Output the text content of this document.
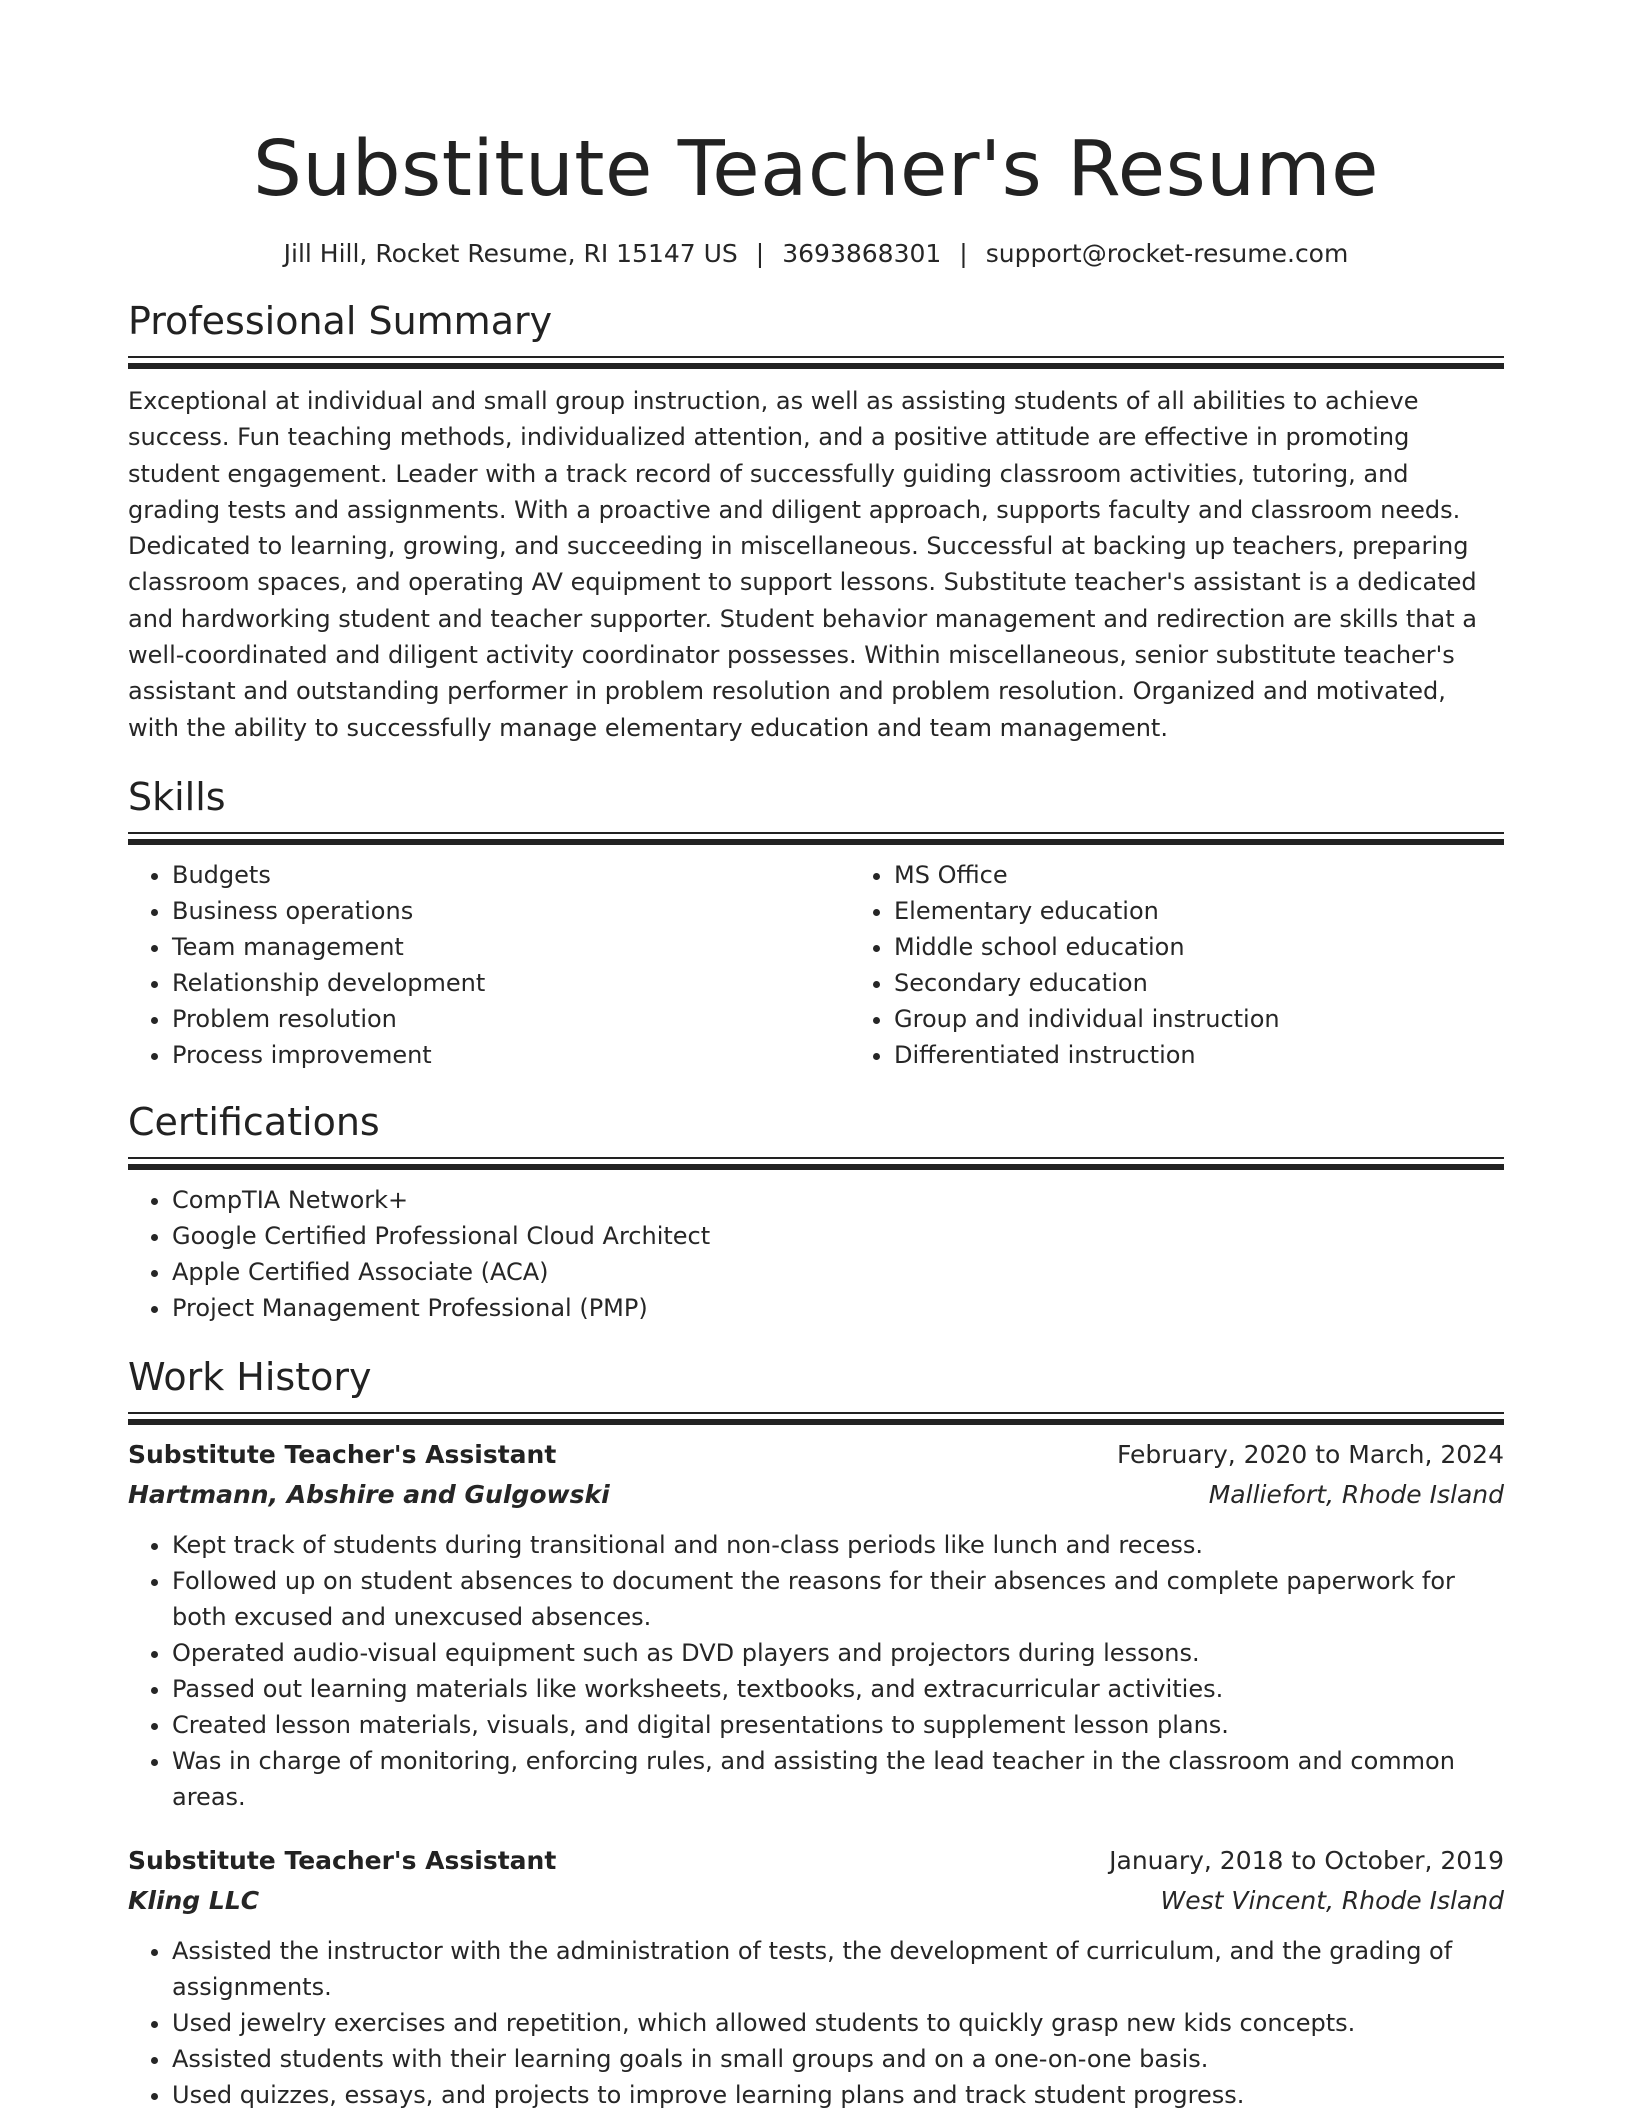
Substitute Teacher's Resume
Jill Hill, Rocket Resume, RI 15147 US | 3693868301 | support@rocket-resume.com
Professional Summary

Exceptional at individual and small group instruction, as well as assisting students of all abilities to achieve success. Fun teaching methods, individualized attention, and a positive attitude are effective in promoting student engagement. Leader with a track record of successfully guiding classroom activities, tutoring, and grading tests and assignments. With a proactive and diligent approach, supports faculty and classroom needs. Dedicated to learning, growing, and succeeding in miscellaneous. Successful at backing up teachers, preparing classroom spaces, and operating AV equipment to support lessons. Substitute teacher's assistant is a dedicated and hardworking student and teacher supporter. Student behavior management and redirection are skills that a well-coordinated and diligent activity coordinator possesses. Within miscellaneous, senior substitute teacher's assistant and outstanding performer in problem resolution and problem resolution. Organized and motivated, with the ability to successfully manage elementary education and team management.

Skills
• Budgets
• Business operations
• Team management
• Relationship development
• Problem resolution
• Process improvement
• MS Office
• Elementary education
• Middle school education
• Secondary education
• Group and individual instruction
• Differentiated instruction
Certifications
• CompTIA Network+
• Google Certified Professional Cloud Architect
• Apple Certified Associate (ACA)
• Project Management Professional (PMP)
Work History
Substitute Teacher's Assistant	February, 2020 to March, 2024
Hartmann, Abshire and Gulgowski	Malliefort, Rhode Island
• Kept track of students during transitional and non-class periods like lunch and recess.
• Followed up on student absences to document the reasons for their absences and complete paperwork for both excused and unexcused absences.
• Operated audio-visual equipment such as DVD players and projectors during lessons.
• Passed out learning materials like worksheets, textbooks, and extracurricular activities.
• Created lesson materials, visuals, and digital presentations to supplement lesson plans.
• Was in charge of monitoring, enforcing rules, and assisting the lead teacher in the classroom and common areas.
Substitute Teacher's Assistant	January, 2018 to October, 2019
Kling LLC	West Vincent, Rhode Island
• Assisted the instructor with the administration of tests, the development of curriculum, and the grading of assignments.
• Used jewelry exercises and repetition, which allowed students to quickly grasp new kids concepts.
• Assisted students with their learning goals in small groups and on a one-on-one basis.
• Used quizzes, essays, and projects to improve learning plans and track student progress.
